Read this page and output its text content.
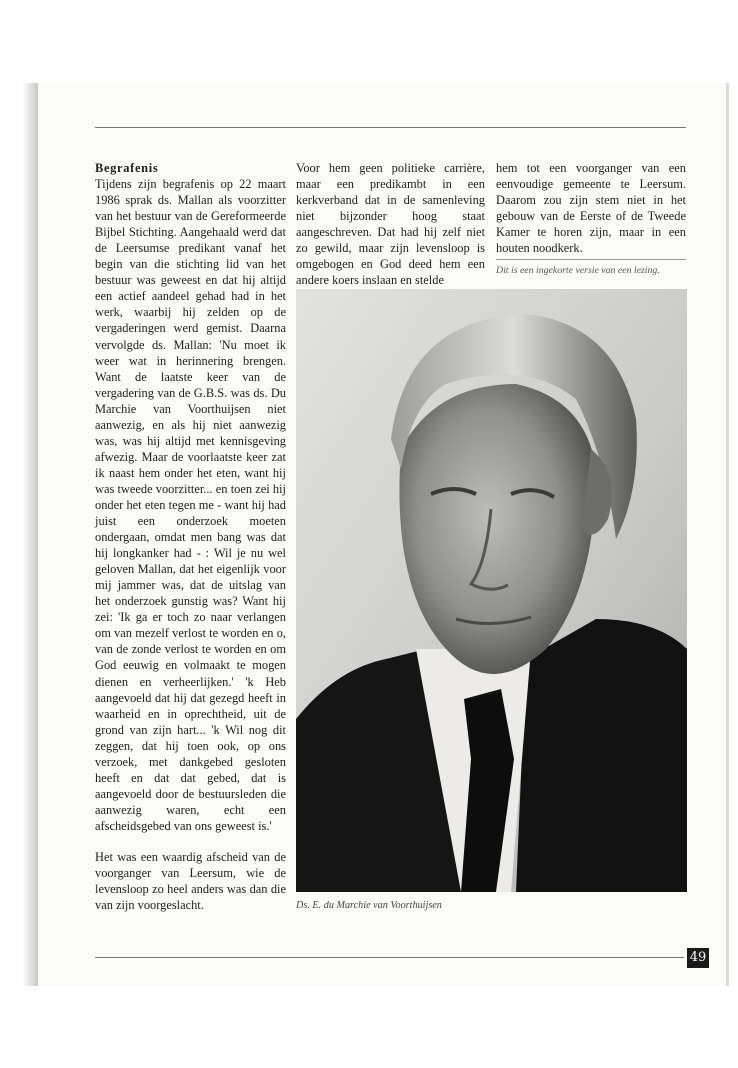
Begrafenis

Tijdens zijn begrafenis op 22 maart 1986 sprak ds. Mallan als voorzitter van het bestuur van de Gereformeerde Bijbel Stichting. Aangehaald werd dat de Leersumse predikant vanaf het begin van die stichting lid van het bestuur was geweest en dat hij altijd een actief aandeel gehad had in het werk, waarbij hij zelden op de vergaderingen werd gemist. Daarna vervolgde ds. Mallan: 'Nu moet ik weer wat in herinnering brengen. Want de laatste keer van de vergadering van de G.B.S. was ds. Du Marchie van Voorthuijsen niet aanwezig, en als hij niet aanwezig was, was hij altijd met kennisgeving afwezig. Maar de voorlaatste keer zat ik naast hem onder het eten, want hij was tweede voorzitter... en toen zei hij onder het eten tegen me - want hij had juist een onderzoek moeten ondergaan, omdat men bang was dat hij longkanker had - : Wil je nu wel geloven Mallan, dat het eigenlijk voor mij jammer was, dat de uitslag van het onderzoek gunstig was? Want hij zei: 'Ik ga er toch zo naar verlangen om van mezelf verlost te worden en o, van de zonde verlost te worden en om God eeuwig en volmaakt te mogen dienen en verheerlijken.' 'k Heb aangevoeld dat hij dat gezegd heeft in waarheid en in oprechtheid, uit de grond van zijn hart... 'k Wil nog dit zeggen, dat hij toen ook, op ons verzoek, met dankgebed gesloten heeft en dat dat gebed, dat is aangevoeld door de bestuursleden die aanwezig waren, echt een afscheidsgebed van ons geweest is.'

Het was een waardig afscheid van de voorganger van Leersum, wie de levensloop zo heel anders was dan die van zijn voorgeslacht.

Voor hem geen politieke carrière, maar een predikambt in een kerkverband dat in de samenleving niet bijzonder hoog staat aangeschreven. Dat had hij zelf niet zo gewild, maar zijn levensloop is omgebogen en God deed hem een andere koers inslaan en stelde

hem tot een voorganger van een eenvoudige gemeente te Leersum. Daarom zou zijn stem niet in het gebouw van de Eerste of de Tweede Kamer te horen zijn, maar in een houten noodkerk.

Dit is een ingekorte versie van een lezing.

Ds. E. du Marchie van Voorthuijsen

49
